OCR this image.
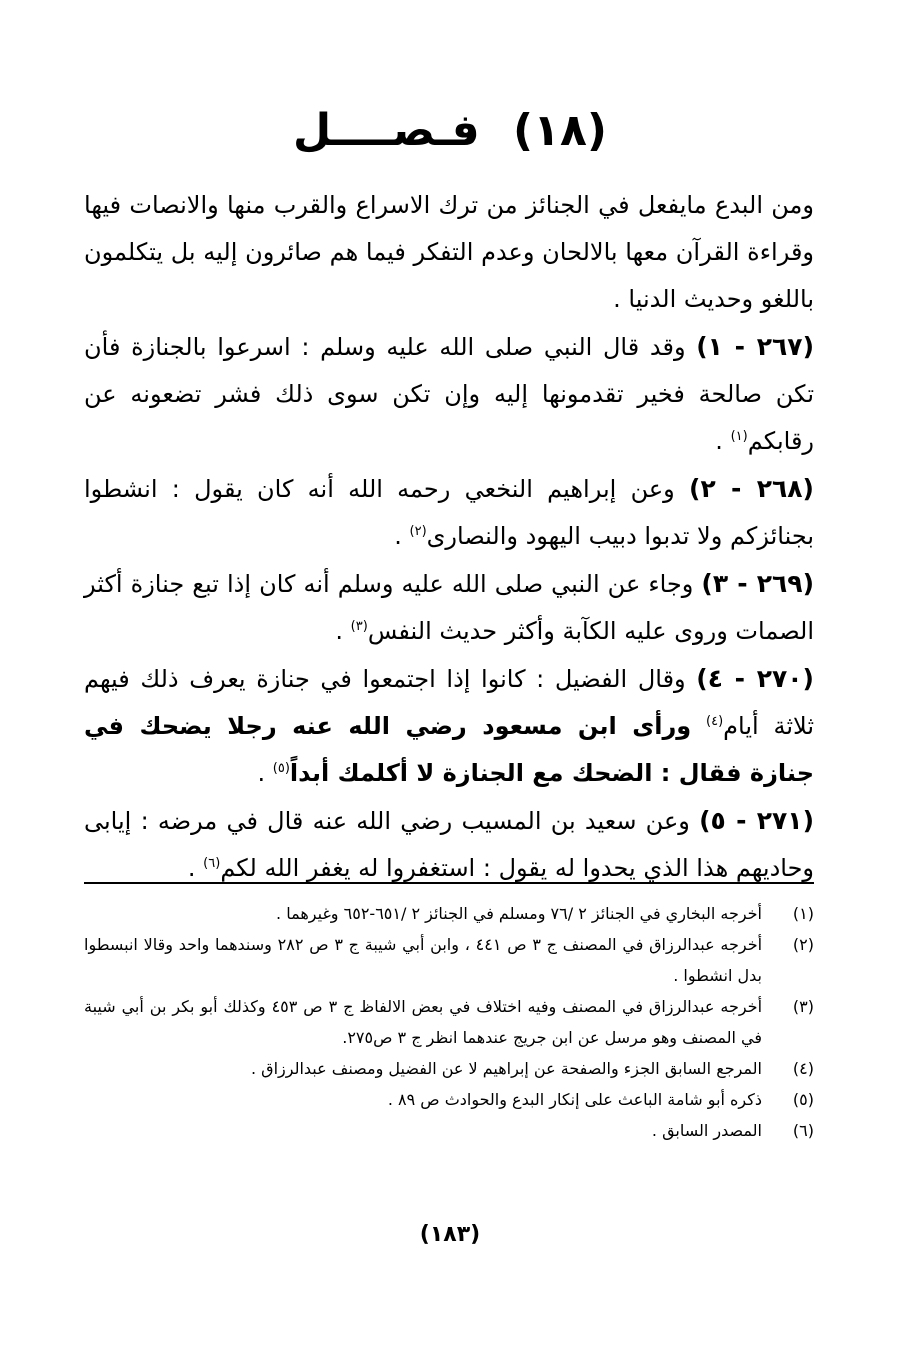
(١٨) فـصــــل

ومن البدع مايفعل في الجنائز من ترك الاسراع والقرب منها والانصات فيها وقراءة القرآن معها بالالحان وعدم التفكر فيما هم صائرون إليه بل يتكلمون باللغو وحديث الدنيا .

(٢٦٧ - ١) وقد قال النبي صلى الله عليه وسلم : اسرعوا بالجنازة فأن تكن صالحة فخير تقدمونها إليه وإن تكن سوى ذلك فشر تضعونه عن رقابكم$^{(١)}$ .

(٢٦٨ - ٢) وعن إبراهيم النخعي رحمه الله أنه كان يقول : انشطوا بجنائزكم ولا تدبوا دبيب اليهود والنصارى$^{(٢)}$ .

(٢٦٩ - ٣) وجاء عن النبي صلى الله عليه وسلم أنه كان إذا تبع جنازة أكثر الصمات وروى عليه الكآبة وأكثر حديث النفس$^{(٣)}$ .

(٢٧٠ - ٤) وقال الفضيل : كانوا إذا اجتمعوا في جنازة يعرف ذلك فيهم ثلاثة أيام$^{(٤)}$ ورأى ابن مسعود رضي الله عنه رجلا يضحك في جنازة فقال : الضحك مع الجنازة لا أكلمك أبداً$^{(٥)}$ .

(٢٧١ - ٥) وعن سعيد بن المسيب رضي الله عنه قال في مرضه : إيابى وحاديهم هذا الذي يحدوا له يقول : استغفروا له يغفر الله لكم$^{(٦)}$ .

(١)
أخرجه البخاري في الجنائز ٢ /٧٦ ومسلم في الجنائز ٢ /٦٥١-٦٥٢ وغيرهما .
(٢)
أخرجه عبدالرزاق في المصنف ج ٣ ص ٤٤١ ، وابن أبي شيبة ج ٣ ص ٢٨٢ وسندهما واحد وقالا انبسطوا بدل انشطوا .
(٣)
أخرجه عبدالرزاق في المصنف وفيه اختلاف في بعض الالفاظ ج ٣ ص ٤٥٣ وكذلك أبو بكر بن أبي شيبة في المصنف وهو مرسل عن ابن جريج عندهما انظر ج ٣ ص٢٧٥.
(٤)
المرجع السابق الجزء والصفحة عن إبراهيم لا عن الفضيل ومصنف عبدالرزاق .
(٥)
ذكره أبو شامة الباعث على إنكار البدع والحوادث ص ٨٩ .
(٦)
المصدر السابق .
(١٨٣)
